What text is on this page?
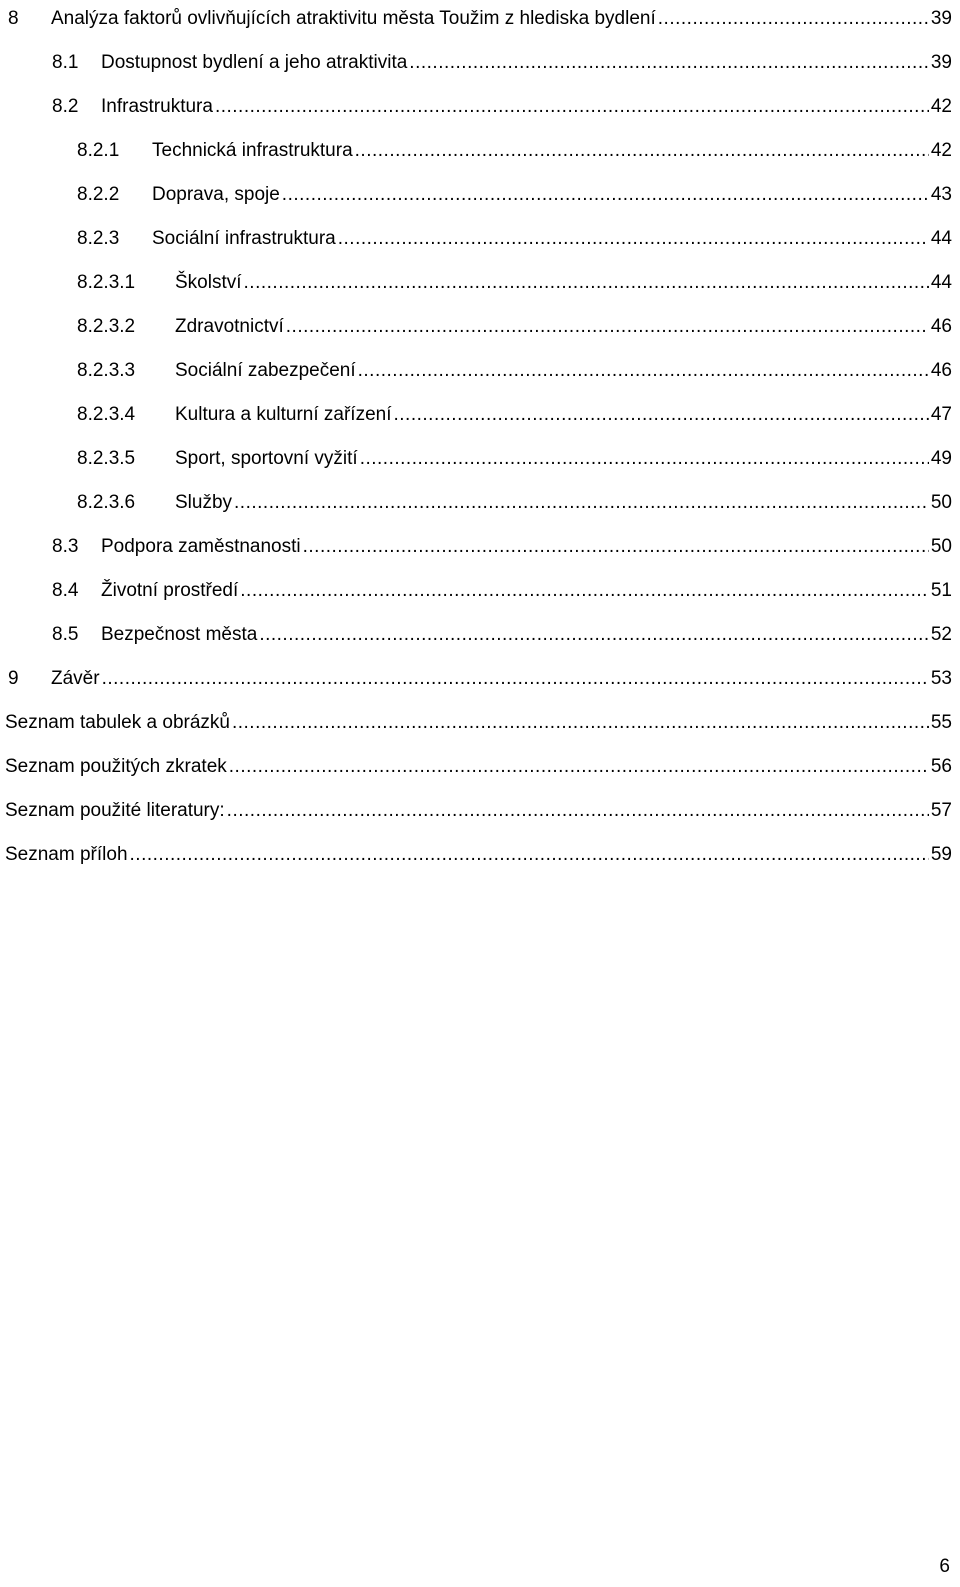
8	Analýza faktorů ovlivňujících atraktivitu města Toužim z hlediska bydlení .....	39
8.1	Dostupnost bydlení a jeho atraktivita .....	39
8.2	Infrastruktura .....	42
8.2.1	Technická infrastruktura .....	42
8.2.2	Doprava, spoje .....	43
8.2.3	Sociální infrastruktura .....	44
8.2.3.1	Školství .....	44
8.2.3.2	Zdravotnictví .....	46
8.2.3.3	Sociální zabezpečení .....	46
8.2.3.4	Kultura a kulturní zařízení .....	47
8.2.3.5	Sport, sportovní vyžití .....	49
8.2.3.6	Služby .....	50
8.3	Podpora zaměstnanosti .....	50
8.4	Životní prostředí .....	51
8.5	Bezpečnost města .....	52
9	Závěr .....	53
Seznam tabulek a obrázků .....	55
Seznam použitých zkratek .....	56
Seznam použité literatury: .....	57
Seznam příloh .....	59
6
